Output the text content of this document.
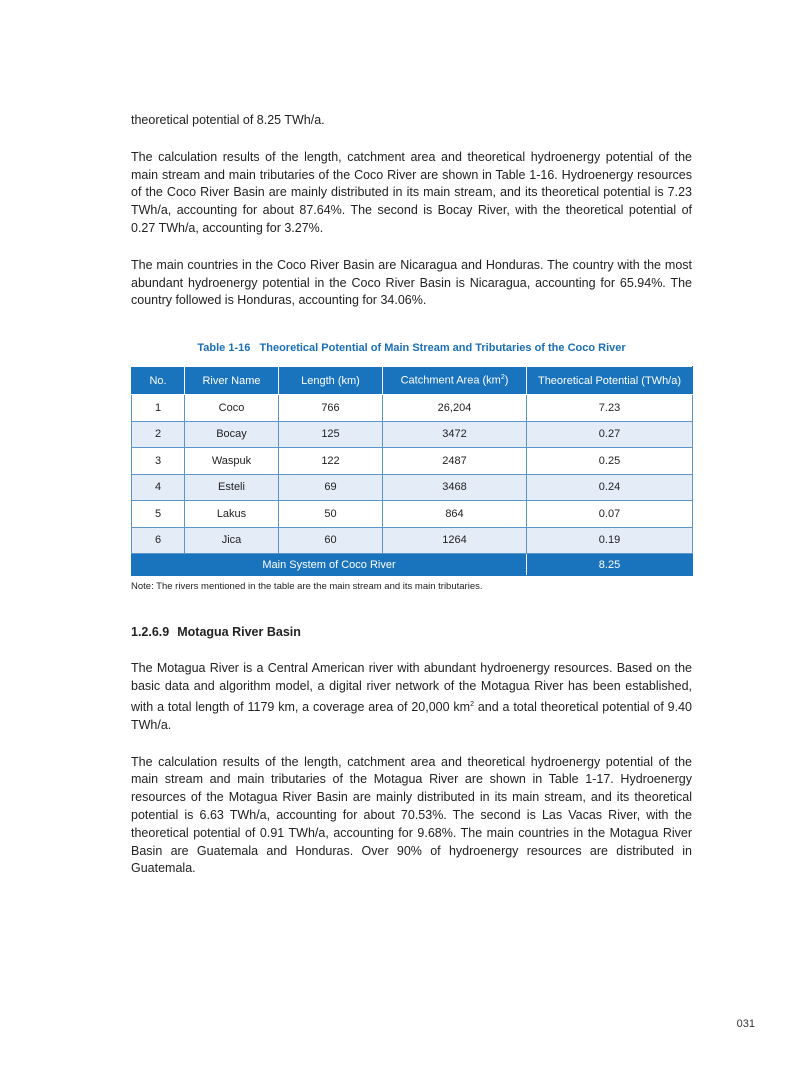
theoretical potential of 8.25 TWh/a.

The calculation results of the length, catchment area and theoretical hydroenergy potential of the main stream and main tributaries of the Coco River are shown in Table 1-16. Hydroenergy resources of the Coco River Basin are mainly distributed in its main stream, and its theoretical potential is 7.23 TWh/a, accounting for about 87.64%. The second is Bocay River, with the theoretical potential of 0.27 TWh/a, accounting for 3.27%.

The main countries in the Coco River Basin are Nicaragua and Honduras. The country with the most abundant hydroenergy potential in the Coco River Basin is Nicaragua, accounting for 65.94%. The country followed is Honduras, accounting for 34.06%.

Table 1-16 Theoretical Potential of Main Stream and Tributaries of the Coco River
No.	River Name	Length (km)	Catchment Area $(km^2)$	Theoretical Potential (TWh/a)
1	Coco	766	26,204	7.23
2	Bocay	125	3472	0.27
3	Waspuk	122	2487	0.25
4	Esteli	69	3468	0.24
5	Lakus	50	864	0.07
6	Jica	60	1264	0.19
Main System of Coco River				8.25
Note: The rivers mentioned in the table are the main stream and its main tributaries.
1.2.6.9 Motagua River Basin

The Motagua River is a Central American river with abundant hydroenergy resources. Based on the basic data and algorithm model, a digital river network of the Motagua River has been established, with a total length of 1179 km, a coverage area of 20,000 $km^2$ and a total theoretical potential of 9.40 TWh/a.

The calculation results of the length, catchment area and theoretical hydroenergy potential of the main stream and main tributaries of the Motagua River are shown in Table 1-17. Hydroenergy resources of the Motagua River Basin are mainly distributed in its main stream, and its theoretical potential is 6.63 TWh/a, accounting for about 70.53%. The second is Las Vacas River, with the theoretical potential of 0.91 TWh/a, accounting for 9.68%. The main countries in the Motagua River Basin are Guatemala and Honduras. Over 90% of hydroenergy resources are distributed in Guatemala.

031
